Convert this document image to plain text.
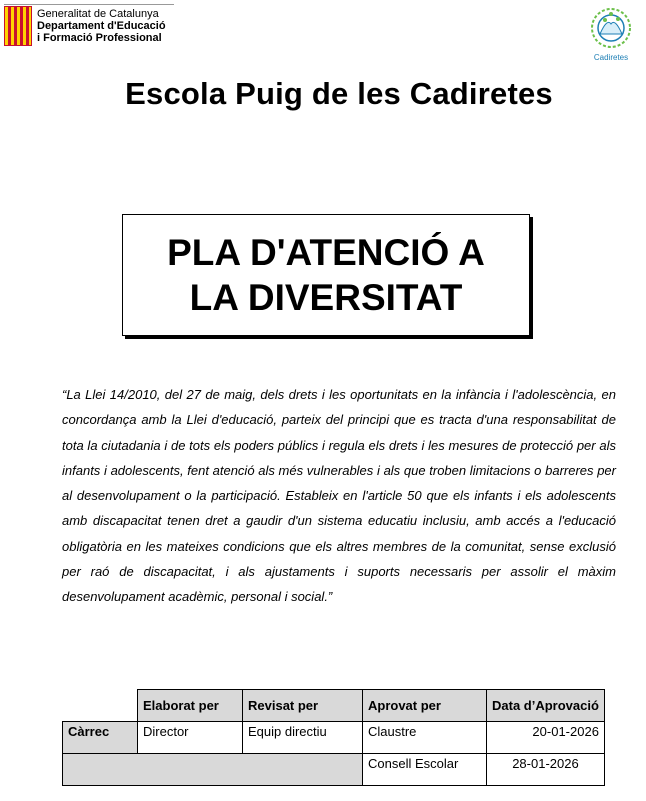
Generalitat de Catalunya
Departament d'Educació
i Formació Professional
Cadiretes
Escola Puig de les Cadiretes
PLA D'ATENCIÓ A LA DIVERSITAT
“La Llei 14/2010, del 27 de maig, dels drets i les oportunitats en la infància i l'adolescència, en concordança amb la Llei d'educació, parteix del principi que es tracta d'una responsabilitat de tota la ciutadania i de tots els poders públics i regula els drets i les mesures de protecció per als infants i adolescents, fent atenció als més vulnerables i als que troben limitacions o barreres per al desenvolupament o la participació. Estableix en l'article 50 que els infants i els adolescents amb discapacitat tenen dret a gaudir d'un sistema educatiu inclusiu, amb accés a l'educació obligatòria en les mateixes condicions que els altres membres de la comunitat, sense exclusió per raó de discapacitat, i als ajustaments i suports necessaris per assolir el màxim desenvolupament acadèmic, personal i social.”
	Elaborat per	Revisat per	Aprovat per	Data d’Aprovació
Càrrec	Director	Equip directiu	Claustre	20-01-2026
			Consell Escolar	28-01-2026
